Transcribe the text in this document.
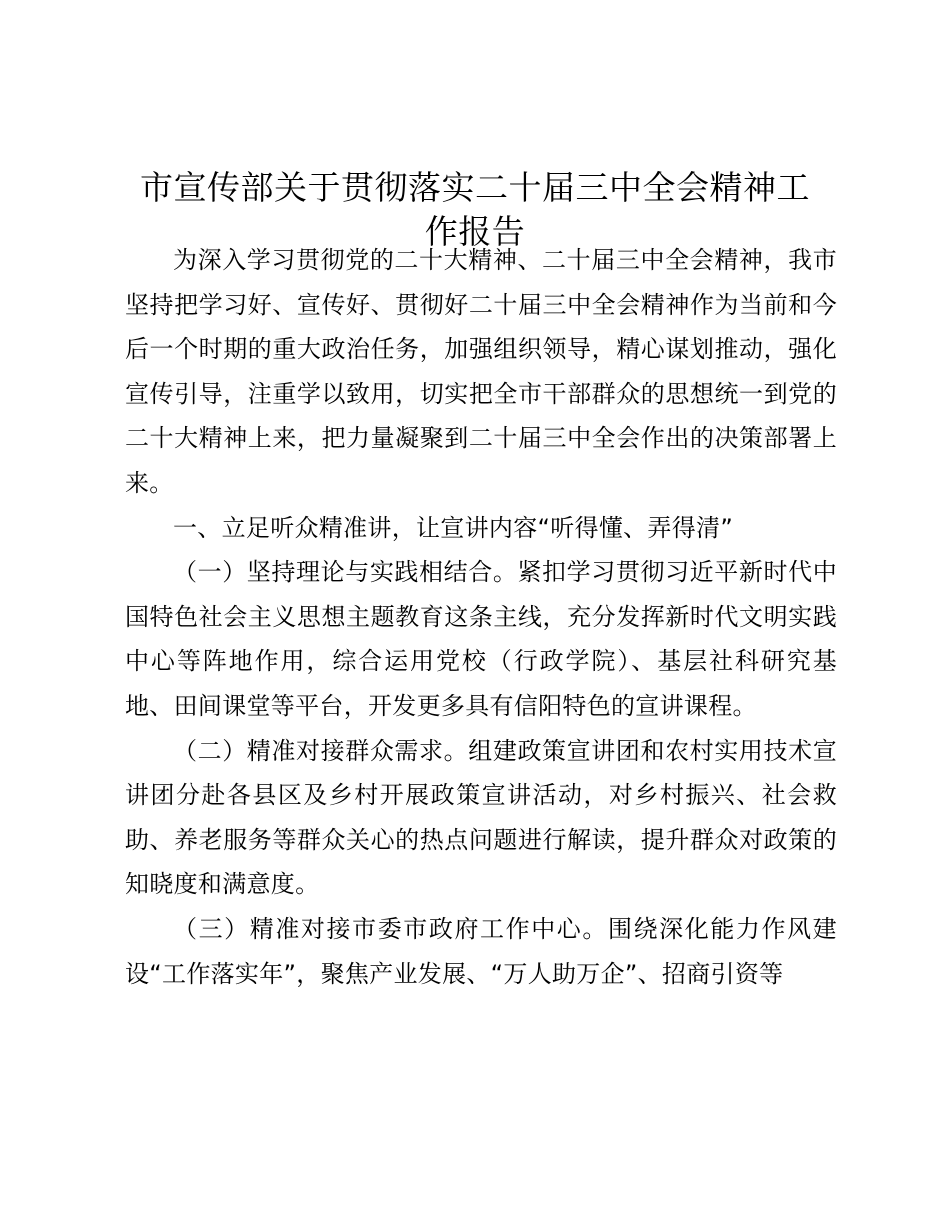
市宣传部关于贯彻落实二十届三中全会精神工作报告

为深入学习贯彻党的二十大精神、二十届三中全会精神，我市坚持把学习好、宣传好、贯彻好二十届三中全会精神作为当前和今后一个时期的重大政治任务，加强组织领导，精心谋划推动，强化宣传引导，注重学以致用，切实把全市干部群众的思想统一到党的二十大精神上来，把力量凝聚到二十届三中全会作出的决策部署上来。

一、立足听众精准讲，让宣讲内容“听得懂、弄得清”

（一）坚持理论与实践相结合。紧扣学习贯彻习近平新时代中国特色社会主义思想主题教育这条主线，充分发挥新时代文明实践中心等阵地作用，综合运用党校（行政学院）、基层社科研究基地、田间课堂等平台，开发更多具有信阳特色的宣讲课程。

（二）精准对接群众需求。组建政策宣讲团和农村实用技术宣讲团分赴各县区及乡村开展政策宣讲活动，对乡村振兴、社会救助、养老服务等群众关心的热点问题进行解读，提升群众对政策的知晓度和满意度。

（三）精准对接市委市政府工作中心。围绕深化能力作风建设“工作落实年”，聚焦产业发展、“万人助万企”、招商引资等
